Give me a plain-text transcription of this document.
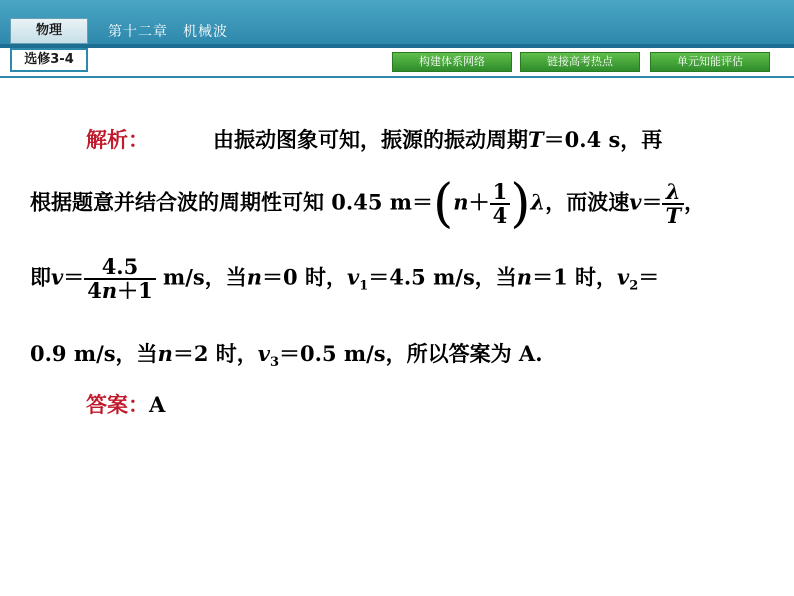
物理
选修3-4
第十二章　机械波
构建体系网络	链接高考热点	单元知能评估
解析：	由振动图象可知，振源的振动周期T＝0.4 s，再
根据题意并结合波的周期性可知 0.45 $m=(n+ \frac{1}{4} )\lambda$，而波速$v= \frac{\lambda}{T}$ ，
即$v= \frac{4.5}{4n+1} m/s$，当n＝0 时，$v_1=4.5$ m/s，当n＝1 时，$v_2=$
0.9 m/s，当n＝2 时，$v_3=0.5$ m/s，所以答案为 A.
答案：A
